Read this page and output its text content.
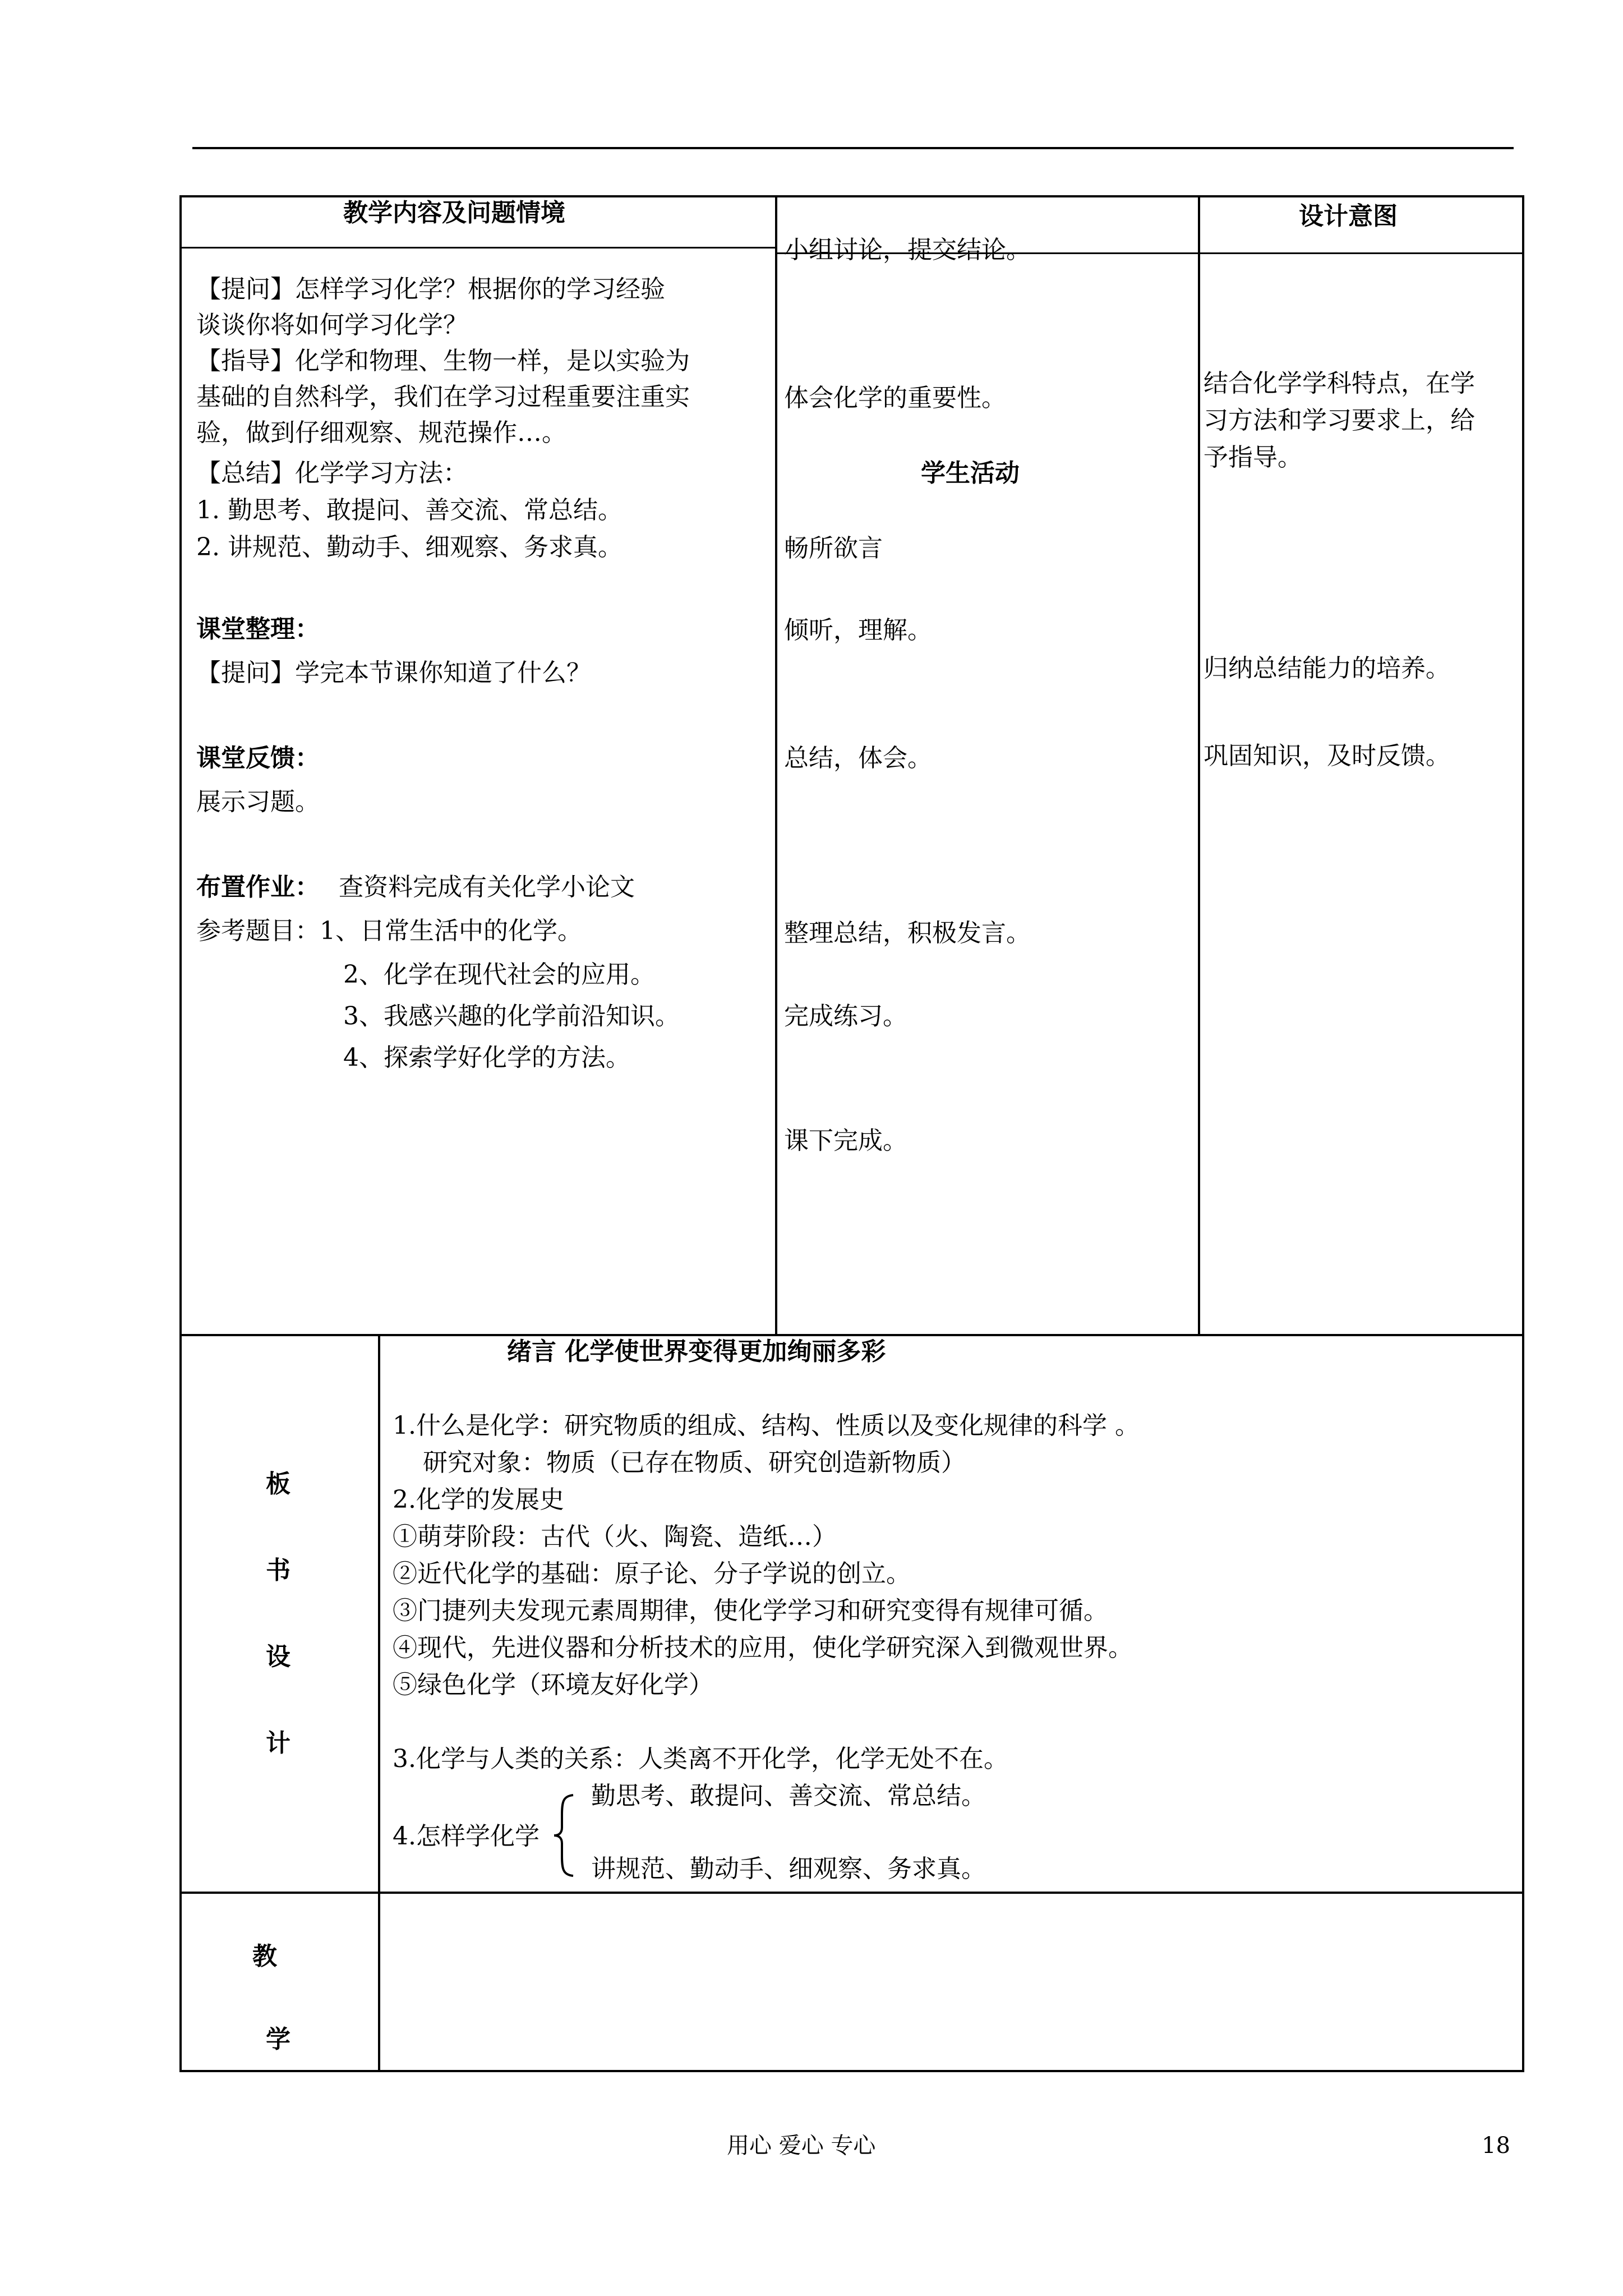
教学内容及问题情境	设计意图
【提问】怎样学习化学？根据你的学习经验
谈谈你将如何学习化学？
【指导】化学和物理、生物一样，是以实验为
基础的自然科学，我们在学习过程重要注重实
验，做到仔细观察、规范操作…。
【总结】化学学习方法：
1. 勤思考、敢提问、善交流、常总结。
2. 讲规范、勤动手、细观察、务求真。
课堂整理：
【提问】学完本节课你知道了什么？
课堂反馈：
展示习题。
布置作业： 查资料完成有关化学小论文
参考题目：1、日常生活中的化学。
2、化学在现代社会的应用。
3、我感兴趣的化学前沿知识。
4、探索学好化学的方法。
小组讨论，提交结论。
体会化学的重要性。
学生活动
畅所欲言
倾听，理解。
总结，体会。
整理总结，积极发言。
完成练习。
课下完成。
结合化学学科特点，在学
习方法和学习要求上，给
予指导。
归纳总结能力的培养。
巩固知识，及时反馈。
板
书
设
计
绪言 化学使世界变得更加绚丽多彩
1.什么是化学：研究物质的组成、结构、性质以及变化规律的科学 。
研究对象：物质（已存在物质、研究创造新物质）
2.化学的发展史
①萌芽阶段：古代（火、陶瓷、造纸…）
②近代化学的基础：原子论、分子学说的创立。
③门捷列夫发现元素周期律，使化学学习和研究变得有规律可循。
④现代，先进仪器和分析技术的应用，使化学研究深入到微观世界。
⑤绿色化学（环境友好化学）
3.化学与人类的关系：人类离不开化学，化学无处不在。
4.怎样学化学
勤思考、敢提问、善交流、常总结。
讲规范、勤动手、细观察、务求真。
教
学
用心 爱心 专心	18
